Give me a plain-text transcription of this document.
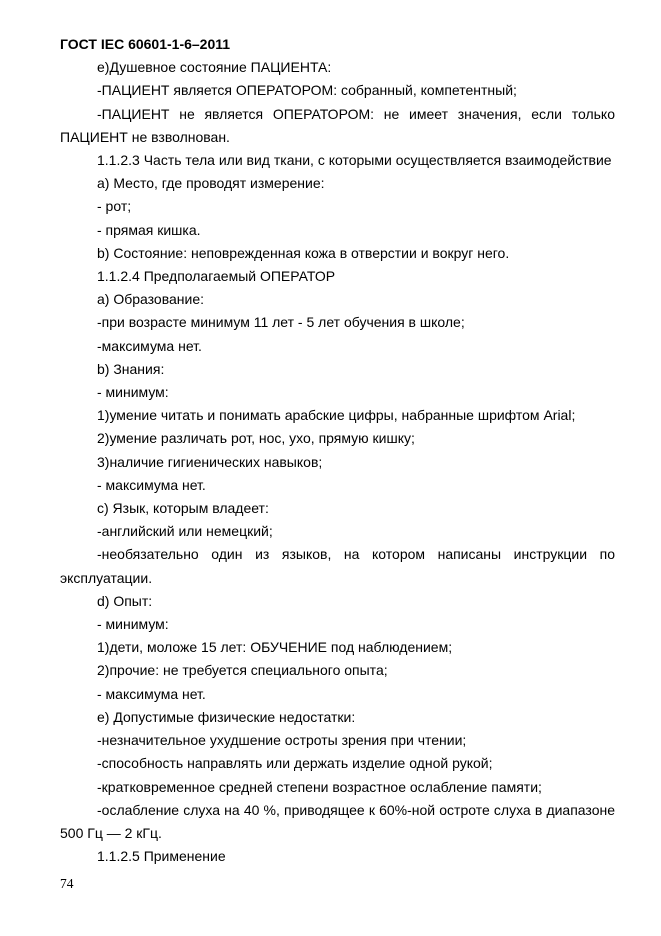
ГОСТ IEC 60601-1-6–2011

е)Душевное состояние ПАЦИЕНТА:

-ПАЦИЕНТ является ОПЕРАТОРОМ: собранный, компетентный;

-ПАЦИЕНТ не является ОПЕРАТОРОМ: не имеет значения, если только ПАЦИЕНТ не взволнован.

1.1.2.3 Часть тела или вид ткани, с которыми осуществляется взаимодействие

a) Место, где проводят измерение:

- рот;

- прямая кишка.

b) Состояние: неповрежденная кожа в отверстии и вокруг него.

1.1.2.4 Предполагаемый ОПЕРАТОР

a) Образование:

-при возрасте минимум 11 лет - 5 лет обучения в школе;

-максимума нет.

b) Знания:

- минимум:

1)умение читать и понимать арабские цифры, набранные шрифтом Arial;

2)умение различать рот, нос, ухо, прямую кишку;

3)наличие гигиенических навыков;

- максимума нет.

c) Язык, которым владеет:

-английский или немецкий;

-необязательно один из языков, на котором написаны инструкции по эксплуатации.

d) Опыт:

- минимум:

1)дети, моложе 15 лет: ОБУЧЕНИЕ под наблюдением;

2)прочие: не требуется специального опыта;

- максимума нет.

e) Допустимые физические недостатки:

-незначительное ухудшение остроты зрения при чтении;

-способность направлять или держать изделие одной рукой;

-кратковременное средней степени возрастное ослабление памяти;

-ослабление слуха на 40 %, приводящее к 60%-ной остроте слуха в диапазоне 500 Гц — 2 кГц.

1.1.2.5 Применение

74
